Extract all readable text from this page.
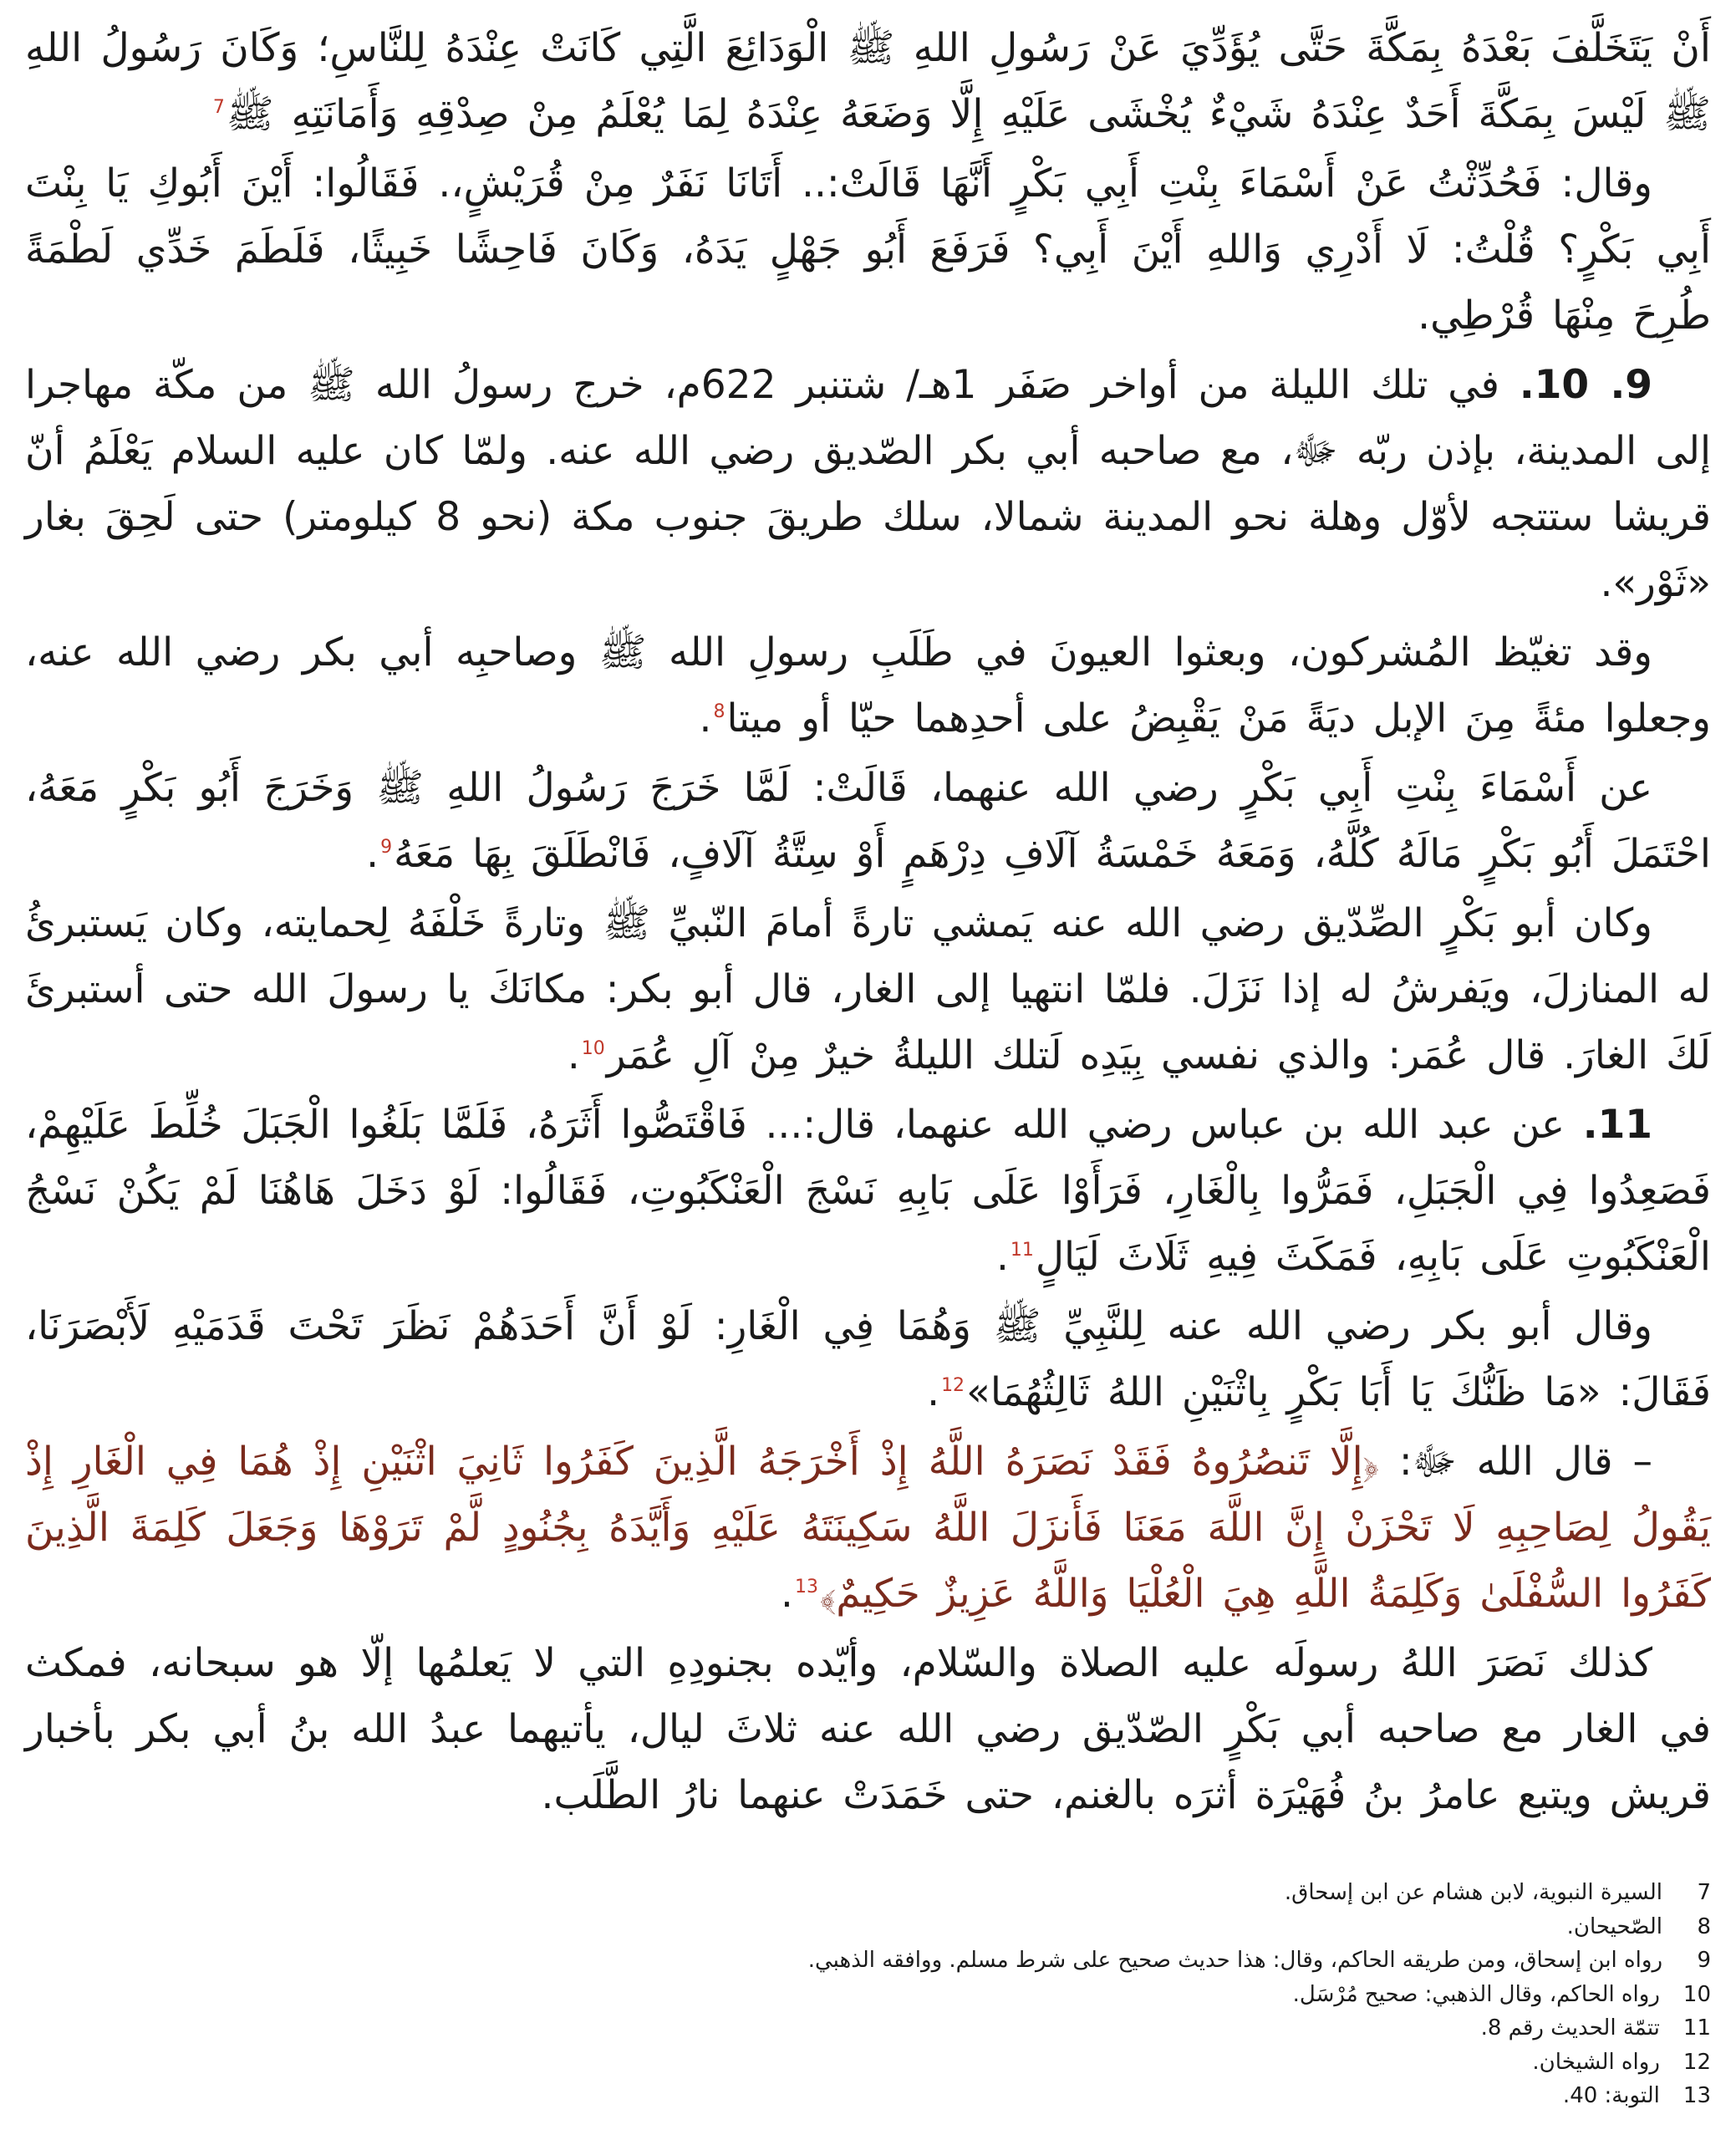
أَنْ يَتَخَلَّفَ بَعْدَهُ بِمَكَّةَ حَتَّى يُؤَدِّيَ عَنْ رَسُولِ اللهِ ﷺ الْوَدَائِعَ الَّتِي كَانَتْ عِنْدَهُ لِلنَّاسِ؛ وَكَانَ رَسُولُ اللهِ ﷺ لَيْسَ بِمَكَّةَ أَحَدٌ عِنْدَهُ شَيْءٌ يُخْشَى عَلَيْهِ إِلَّا وَضَعَهُ عِنْدَهُ لِمَا يُعْلَمُ مِنْ صِدْقِهِ وَأَمَانَتِهِ ﷺ$^7$

وقال: فَحُدِّثْتُ عَنْ أَسْمَاءَ بِنْتِ أَبِي بَكْرٍ أَنَّهَا قَالَتْ:.. أَتَانَا نَفَرٌ مِنْ قُرَيْشٍ،. فَقَالُوا: أَيْنَ أَبُوكِ يَا بِنْتَ أَبِي بَكْرٍ؟ قُلْتُ: لَا أَدْرِي وَاللهِ أَيْنَ أَبِي؟ فَرَفَعَ أَبُو جَهْلٍ يَدَهُ، وَكَانَ فَاحِشًا خَبِيثًا، فَلَطَمَ خَدِّي لَطْمَةً طُرِحَ مِنْهَا قُرْطِي.

9. 10. في تلك الليلة من أواخر صَفَر 1هـ/ شتنبر 622م، خرج رسولُ الله ﷺ من مكّة مهاجرا إلى المدينة، بإذن ربّه ﷻ، مع صاحبه أبي بكر الصّديق رضي الله عنه. ولمّا كان عليه السلام يَعْلَمُ أنّ قريشا ستتجه لأوّل وهلة نحو المدينة شمالا، سلك طريقَ جنوب مكة (نحو 8 كيلومتر) حتى لَحِقَ بغار «ثَوْر».

وقد تغيّظ المُشركون، وبعثوا العيونَ في طَلَبِ رسولِ الله ﷺ وصاحبِه أبي بكر رضي الله عنه، وجعلوا مئةً مِنَ الإبل ديَةً مَنْ يَقْبِضُ على أحدِهما حيّا أو ميتا$^8$.

عن أَسْمَاءَ بِنْتِ أَبِي بَكْرٍ رضي الله عنهما، قَالَتْ: لَمَّا خَرَجَ رَسُولُ اللهِ ﷺ وَخَرَجَ أَبُو بَكْرٍ مَعَهُ، احْتَمَلَ أَبُو بَكْرٍ مَالَهُ كُلَّهُ، وَمَعَهُ خَمْسَةُ آلَافِ دِرْهَمٍ أَوْ سِتَّةُ آلَافٍ، فَانْطَلَقَ بِهَا مَعَهُ$^9$.

وكان أبو بَكْرٍ الصِّدّيق رضي الله عنه يَمشي تارةً أمامَ النّبيِّ ﷺ وتارةً خَلْفَهُ لِحمايته، وكان يَستبرئُ له المنازلَ، ويَفرشُ له إذا نَزَلَ. فلمّا انتهيا إلى الغار، قال أبو بكر: مكانَكَ يا رسولَ الله حتى أستبرئَ لَكَ الغارَ. قال عُمَر: والذي نفسي بِيَدِه لَتلك الليلةُ خيرٌ مِنْ آلِ عُمَر$^{10}$.

11. عن عبد الله بن عباس رضي الله عنهما، قال:... فَاقْتَصُّوا أَثَرَهُ، فَلَمَّا بَلَغُوا الْجَبَلَ خُلِّطَ عَلَيْهِمْ، فَصَعِدُوا فِي الْجَبَلِ، فَمَرُّوا بِالْغَارِ، فَرَأَوْا عَلَى بَابِهِ نَسْجَ الْعَنْكَبُوتِ، فَقَالُوا: لَوْ دَخَلَ هَاهُنَا لَمْ يَكُنْ نَسْجُ الْعَنْكَبُوتِ عَلَى بَابِهِ، فَمَكَثَ فِيهِ ثَلَاثَ لَيَالٍ$^{11}$.

وقال أبو بكر رضي الله عنه لِلنَّبِيِّ ﷺ وَهُمَا فِي الْغَارِ: لَوْ أَنَّ أَحَدَهُمْ نَظَرَ تَحْتَ قَدَمَيْهِ لَأَبْصَرَنَا، فَقَالَ: «مَا ظَنُّكَ يَا أَبَا بَكْرٍ بِاثْنَيْنِ اللهُ ثَالِثُهُمَا»$^{12}$.

– قال الله ﷻ: ﴿إِلَّا تَنصُرُوهُ فَقَدْ نَصَرَهُ اللَّهُ إِذْ أَخْرَجَهُ الَّذِينَ كَفَرُوا ثَانِيَ اثْنَيْنِ إِذْ هُمَا فِي الْغَارِ إِذْ يَقُولُ لِصَاحِبِهِ لَا تَحْزَنْ إِنَّ اللَّهَ مَعَنَا فَأَنزَلَ اللَّهُ سَكِينَتَهُ عَلَيْهِ وَأَيَّدَهُ بِجُنُودٍ لَّمْ تَرَوْهَا وَجَعَلَ كَلِمَةَ الَّذِينَ كَفَرُوا السُّفْلَىٰ وَكَلِمَةُ اللَّهِ هِيَ الْعُلْيَا وَاللَّهُ عَزِيزٌ حَكِيمٌ﴾$^{13}$.

كذلك نَصَرَ اللهُ رسولَه عليه الصلاة والسّلام، وأيّده بجنودِهِ التي لا يَعلمُها إلّا هو سبحانه، فمكث في الغار مع صاحبه أبي بَكْرٍ الصّدّيق رضي الله عنه ثلاثَ ليال، يأتيهما عبدُ الله بنُ أبي بكر بأخبار قريش ويتبع عامرُ بنُ فُهَيْرَة أثرَه بالغنم، حتى خَمَدَتْ عنهما نارُ الطَّلَب.

7
السيرة النبوية، لابن هشام عن ابن إسحاق.
8
الصّحيحان.
9
رواه ابن إسحاق، ومن طريقه الحاكم، وقال: هذا حديث صحيح على شرط مسلم. ووافقه الذهبي.
10
رواه الحاكم، وقال الذهبي: صحيح مُرْسَل.
11
تتمّة الحديث رقم 8.
12
رواه الشيخان.
13
التوبة: 40.
